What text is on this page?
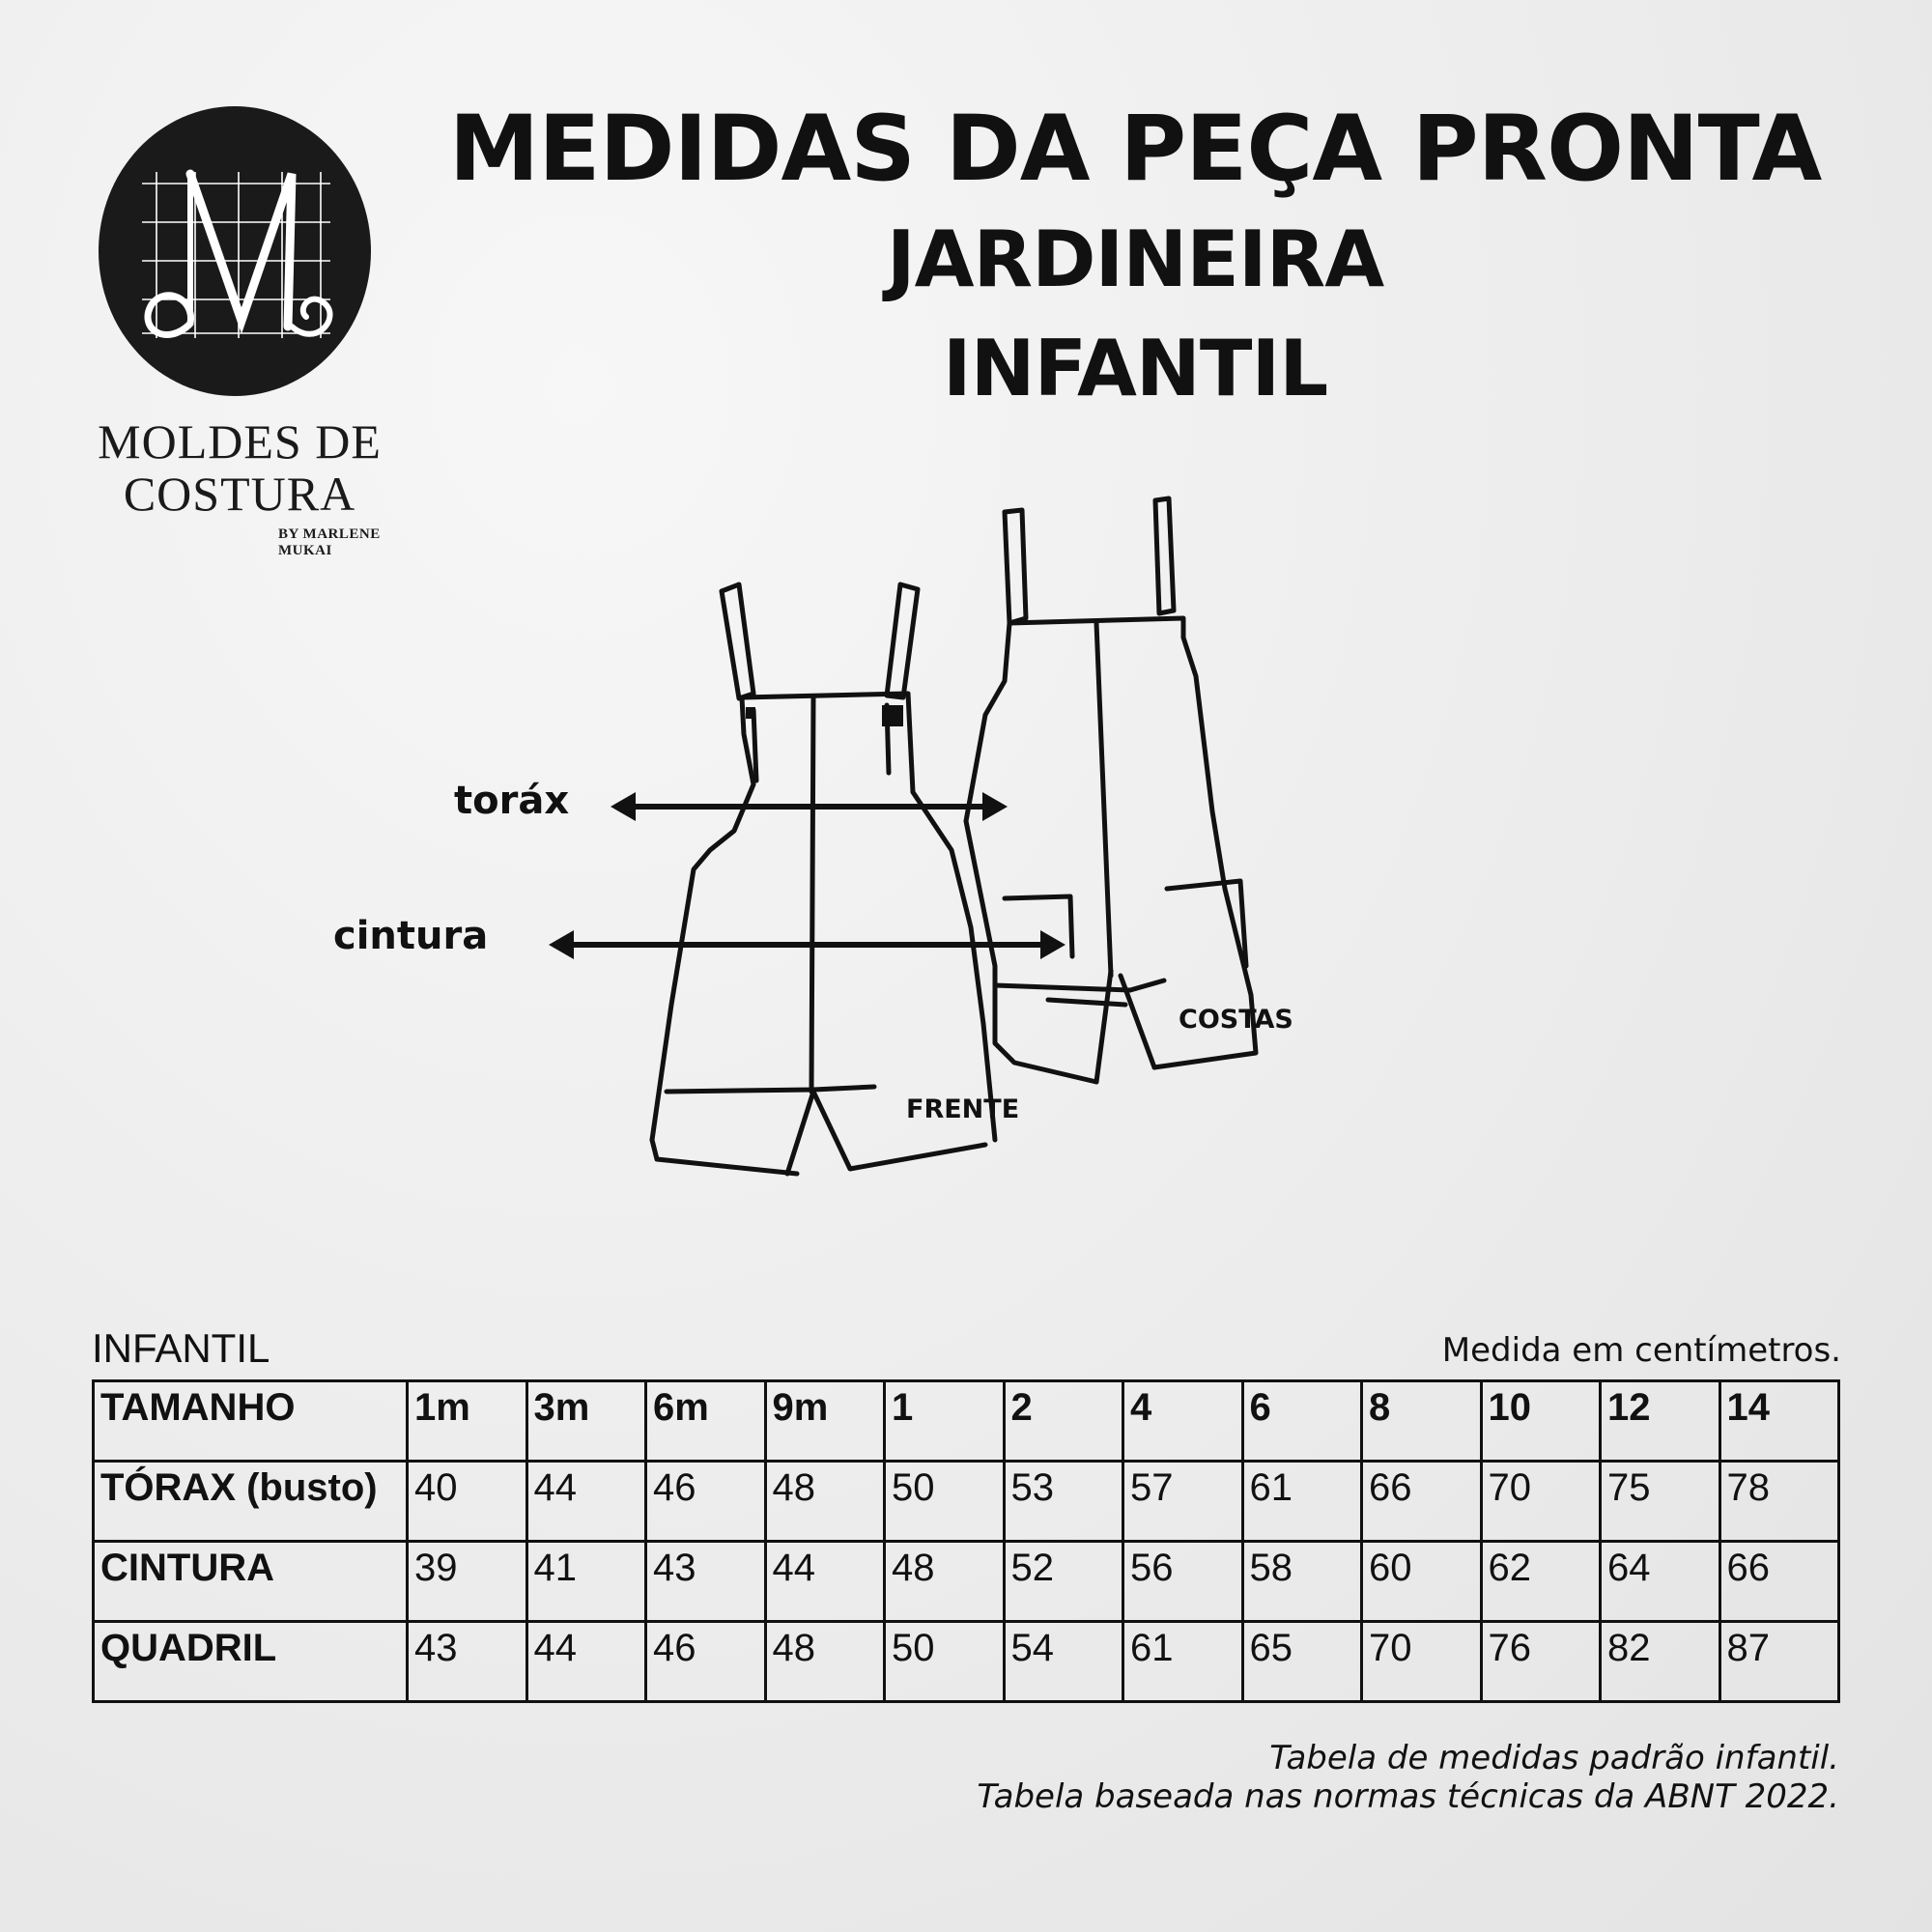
MOLDES DE
COSTURA
BY MARLENE MUKAI
MEDIDAS DA PEÇA PRONTA
JARDINEIRA
INFANTIL
toráx
cintura
FRENTE
COSTAS
INFANTIL	Medida em centímetros.
TAMANHO	1m	3m	6m	9m	1	2	4	6	8	10	12	14
TÓRAX (busto)	40	44	46	48	50	53	57	61	66	70	75	78
CINTURA	39	41	43	44	48	52	56	58	60	62	64	66
QUADRIL	43	44	46	48	50	54	61	65	70	76	82	87
Tabela de medidas padrão infantil.
Tabela baseada nas normas técnicas da ABNT 2022.
